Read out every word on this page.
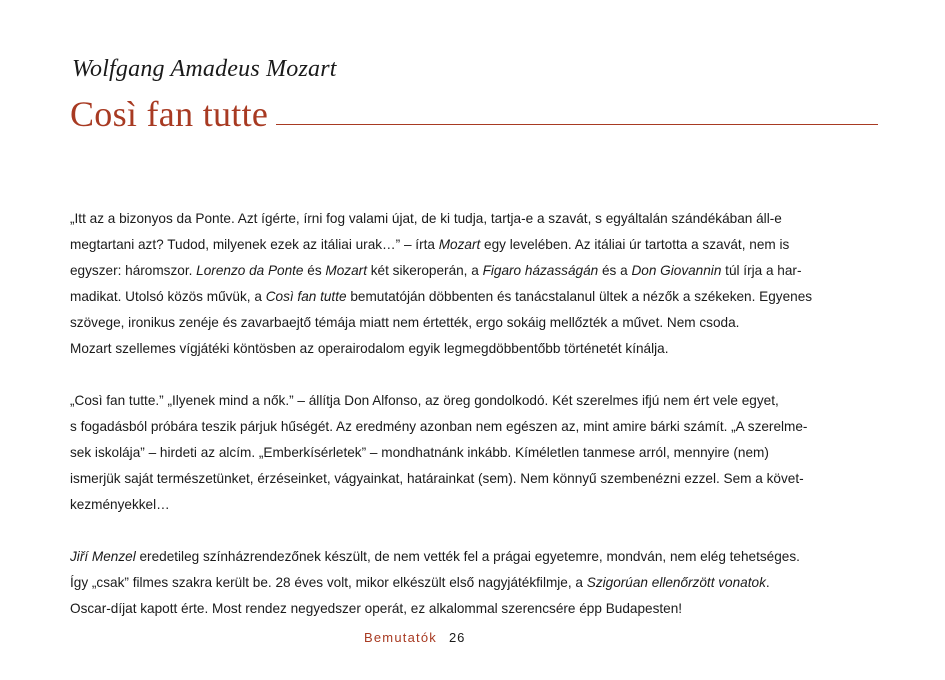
Wolfgang Amadeus Mozart
Così fan tutte
„Itt az a bizonyos da Ponte. Azt ígérte, írni fog valami újat, de ki tudja, tartja-e a szavát, s egyáltalán szándékában áll-e
megtartani azt? Tudod, milyenek ezek az itáliai urak…” – írta Mozart egy levelében. Az itáliai úr tartotta a szavát, nem is
egyszer: háromszor. Lorenzo da Ponte és Mozart két sikeroperán, a Figaro házasságán és a Don Giovannin túl írja a har-
madikat. Utolsó közös művük, a Così fan tutte bemutatóján döbbenten és tanácstalanul ültek a nézők a székeken. Egyenes
szövege, ironikus zenéje és zavarbaejtő témája miatt nem értették, ergo sokáig mellőzték a művet. Nem csoda.
Mozart szellemes vígjátéki köntösben az operairodalom egyik legmegdöbbentőbb történetét kínálja.
„Così fan tutte.” „Ilyenek mind a nők.” – állítja Don Alfonso, az öreg gondolkodó. Két szerelmes ifjú nem ért vele egyet,
s fogadásból próbára teszik párjuk hűségét. Az eredmény azonban nem egészen az, mint amire bárki számít. „A szerelme-
sek iskolája” – hirdeti az alcím. „Emberkísérletek” – mondhatnánk inkább. Kíméletlen tanmese arról, mennyire (nem)
ismerjük saját természetünket, érzéseinket, vágyainkat, határainkat (sem). Nem könnyű szembenézni ezzel. Sem a követ-
kezményekkel…
Jiří Menzel eredetileg színházrendezőnek készült, de nem vették fel a prágai egyetemre, mondván, nem elég tehetséges.
Így „csak” filmes szakra került be. 28 éves volt, mikor elkészült első nagyjátékfilmje, a Szigorúan ellenőrzött vonatok.
Oscar-díjat kapott érte. Most rendez negyedszer operát, ez alkalommal szerencsére épp Budapesten!
Bemutatók 26
